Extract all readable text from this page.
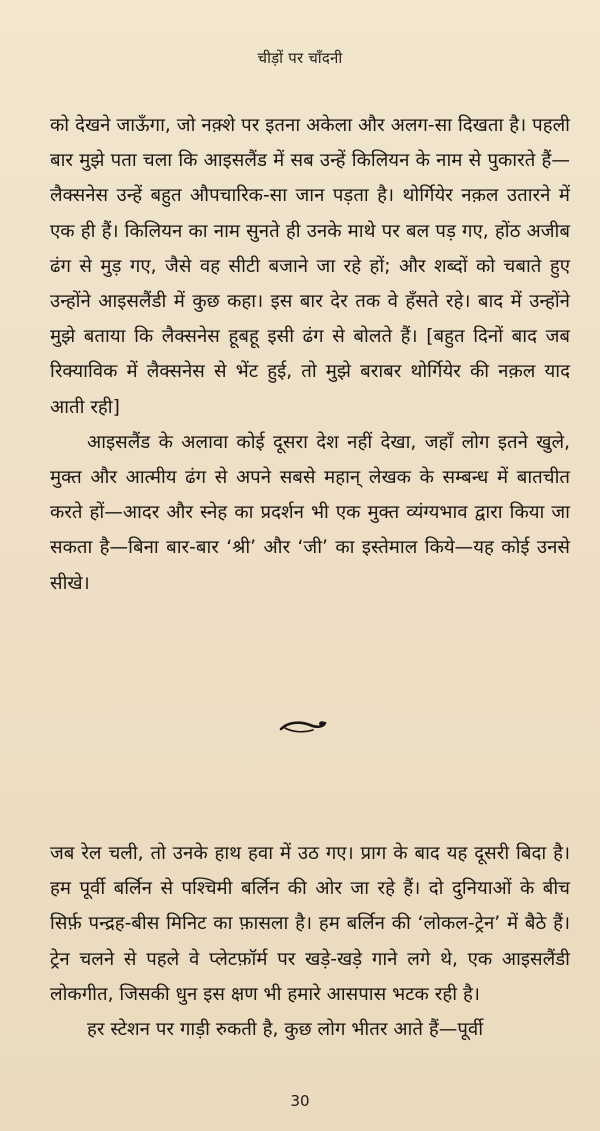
चीड़ों पर चाँदनी

को देखने जाऊँगा, जो नक़्शे पर इतना अकेला और अलग-सा दिखता है। पहली बार मुझे पता चला कि आइसलैंड में सब उन्हें किलियन के नाम से पुकारते हैं—लैक्सनेस उन्हें बहुत औपचारिक-सा जान पड़ता है। थोर्गियेर नक़ल उतारने में एक ही हैं। किलियन का नाम सुनते ही उनके माथे पर बल पड़ गए, होंठ अजीब ढंग से मुड़ गए, जैसे वह सीटी बजाने जा रहे हों; और शब्दों को चबाते हुए उन्होंने आइसलैंडी में कुछ कहा। इस बार देर तक वे हँसते रहे। बाद में उन्होंने मुझे बताया कि लैक्सनेस हूबहू इसी ढंग से बोलते हैं। [बहुत दिनों बाद जब रिक्याविक में लैक्सनेस से भेंट हुई, तो मुझे बराबर थोर्गियेर की नक़ल याद आती रही]

आइसलैंड के अलावा कोई दूसरा देश नहीं देखा, जहाँ लोग इतने खुले, मुक्त और आत्मीय ढंग से अपने सबसे महान् लेखक के सम्बन्ध में बातचीत करते हों—आदर और स्नेह का प्रदर्शन भी एक मुक्त व्यंग्यभाव द्वारा किया जा सकता है—बिना बार-बार ‘श्री’ और ‘जी’ का इस्तेमाल किये—यह कोई उनसे सीखे।

जब रेल चली, तो उनके हाथ हवा में उठ गए। प्राग के बाद यह दूसरी बिदा है। हम पूर्वी बर्लिन से पश्चिमी बर्लिन की ओर जा रहे हैं। दो दुनियाओं के बीच सिर्फ़ पन्द्रह-बीस मिनिट का फ़ासला है। हम बर्लिन की ‘लोकल-ट्रेन’ में बैठे हैं। ट्रेन चलने से पहले वे प्लेटफ़ॉर्म पर खड़े-खड़े गाने लगे थे, एक आइसलैंडी लोकगीत, जिसकी धुन इस क्षण भी हमारे आसपास भटक रही है।

हर स्टेशन पर गाड़ी रुकती है, कुछ लोग भीतर आते हैं—पूर्वी

30
